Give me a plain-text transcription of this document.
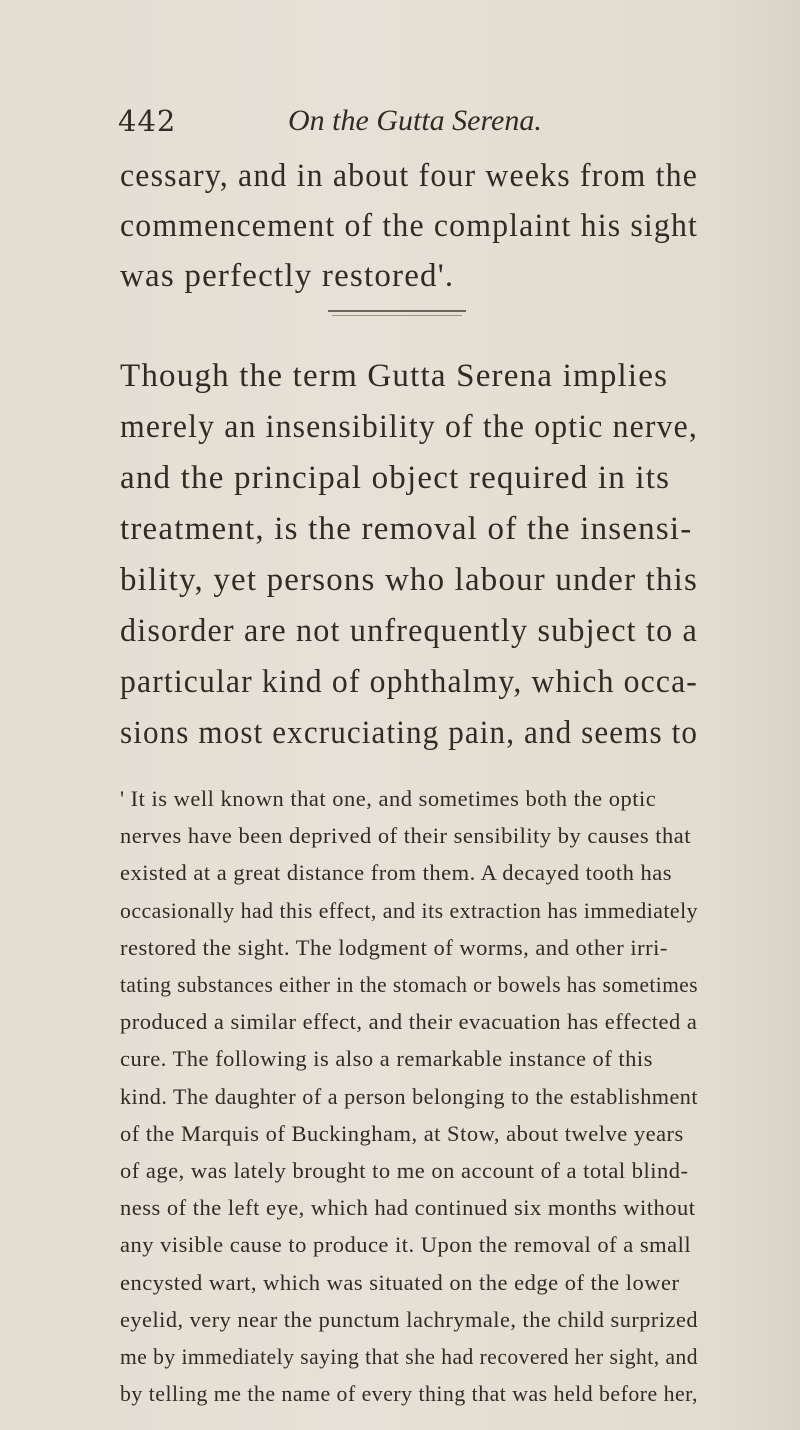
442	On the Gutta Serena.
cessary, and in about four weeks from the
commencement of the complaint his sight
was perfectly restored'.
Though the term Gutta Serena implies
merely an insensibility of the optic nerve,
and the principal object required in its
treatment, is the removal of the insensi-
bility, yet persons who labour under this
disorder are not unfrequently subject to a
particular kind of ophthalmy, which occa-
sions most excruciating pain, and seems to
' It is well known that one, and sometimes both the optic
nerves have been deprived of their sensibility by causes that
existed at a great distance from them. A decayed tooth has
occasionally had this effect, and its extraction has immediately
restored the sight. The lodgment of worms, and other irri-
tating substances either in the stomach or bowels has sometimes
produced a similar effect, and their evacuation has effected a
cure. The following is also a remarkable instance of this
kind. The daughter of a person belonging to the establishment
of the Marquis of Buckingham, at Stow, about twelve years
of age, was lately brought to me on account of a total blind-
ness of the left eye, which had continued six months without
any visible cause to produce it. Upon the removal of a small
encysted wart, which was situated on the edge of the lower
eyelid, very near the punctum lachrymale, the child surprized
me by immediately saying that she had recovered her sight, and
by telling me the name of every thing that was held before her,
